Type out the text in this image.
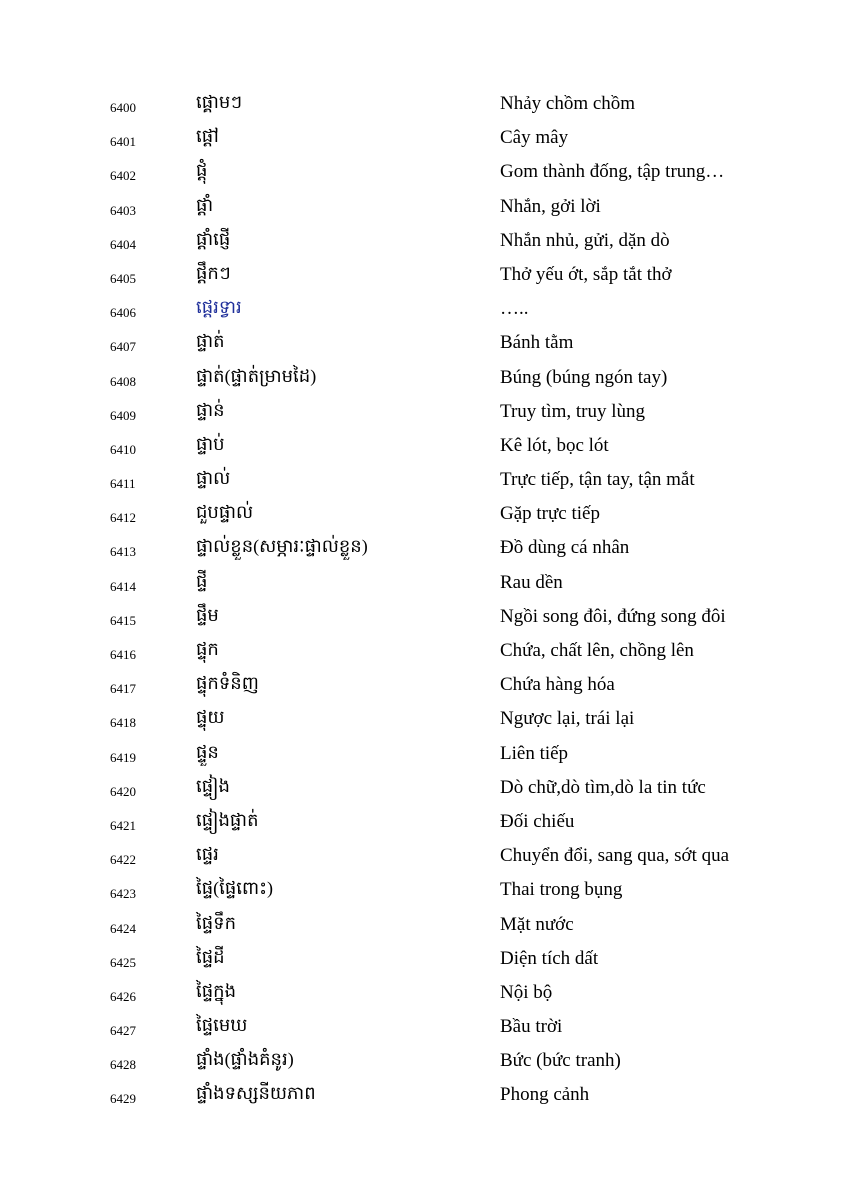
6400	ផ្គោមៗ	Nhảy chồm chồm
6401	ផ្តៅ	Cây mây
6402	ផ្តុំ	Gom thành đống, tập trung…
6403	ផ្តាំ	Nhắn, gởi lời
6404	ផ្តាំផ្ញើ	Nhắn nhủ, gửi, dặn dò
6405	ផ្តឹកៗ	Thở yếu ớt, sắp tắt thở
6406	ផ្តេរទ្វារ	…..
6407	ផ្ទាត់	Bánh tằm
6408	ផ្ទាត់(ផ្ទាត់ម្រាមដៃ)	Búng (búng ngón tay)
6409	ផ្ទាន់	Truy tìm, truy lùng
6410	ផ្ទាប់	Kê lót, bọc lót
6411	ផ្ទាល់	Trực tiếp, tận tay, tận mắt
6412	ជួបផ្ទាល់	Gặp trực tiếp
6413	ផ្ទាល់ខ្លួន(សម្ភារៈផ្ទាល់ខ្លួន)	Đồ dùng cá nhân
6414	ផ្ទី	Rau dền
6415	ផ្ទឹម	Ngồi song đôi, đứng song đôi
6416	ផ្ទុក	Chứa, chất lên, chồng lên
6417	ផ្ទុកទំនិញ	Chứa hàng hóa
6418	ផ្ទុយ	Ngược lại, trái lại
6419	ផ្ទួន	Liên tiếp
6420	ផ្ទៀង	Dò chữ,dò tìm,dò la tin tức
6421	ផ្ទៀងផ្ទាត់	Đối chiếu
6422	ផ្ទេរ	Chuyển đổi, sang qua, sớt qua
6423	ផ្ទៃ(ផ្ទៃពោះ)	Thai trong bụng
6424	ផ្ទៃទឹក	Mặt nước
6425	ផ្ទៃដី	Diện tích dất
6426	ផ្ទៃក្នុង	Nội bộ
6427	ផ្ទៃមេឃ	Bầu trời
6428	ផ្ទាំង(ផ្ទាំងគំនូរ)	Bức (bức tranh)
6429	ផ្ទាំងទស្សនីយភាព	Phong cảnh
